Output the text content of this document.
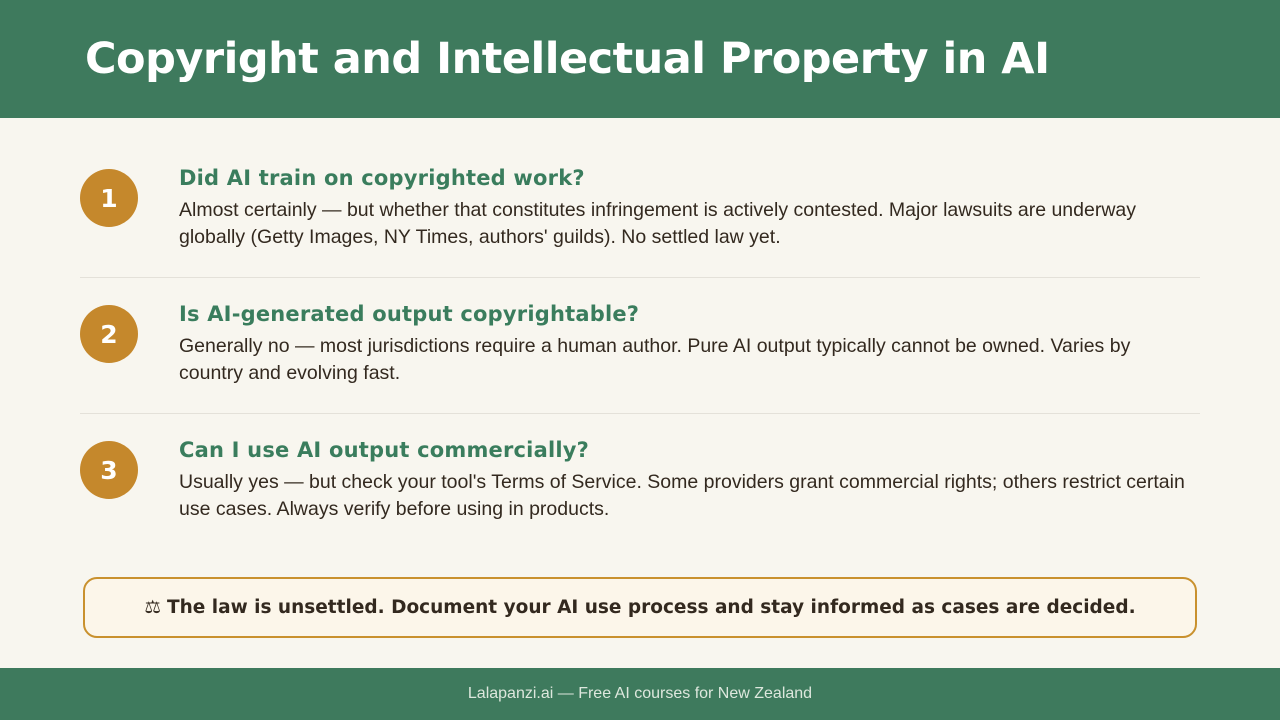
Copyright and Intellectual Property in AI
1
Did AI train on copyrighted work?

Almost certainly — but whether that constitutes infringement is actively contested. Major lawsuits are underway globally (Getty Images, NY Times, authors' guilds). No settled law yet.

2
Is AI-generated output copyrightable?

Generally no — most jurisdictions require a human author. Pure AI output typically cannot be owned. Varies by country and evolving fast.

3
Can I use AI output commercially?

Usually yes — but check your tool's Terms of Service. Some providers grant commercial rights; others restrict certain use cases. Always verify before using in products.

⚖ The law is unsettled. Document your AI use process and stay informed as cases are decided.
Lalapanzi.ai — Free AI courses for New Zealand
